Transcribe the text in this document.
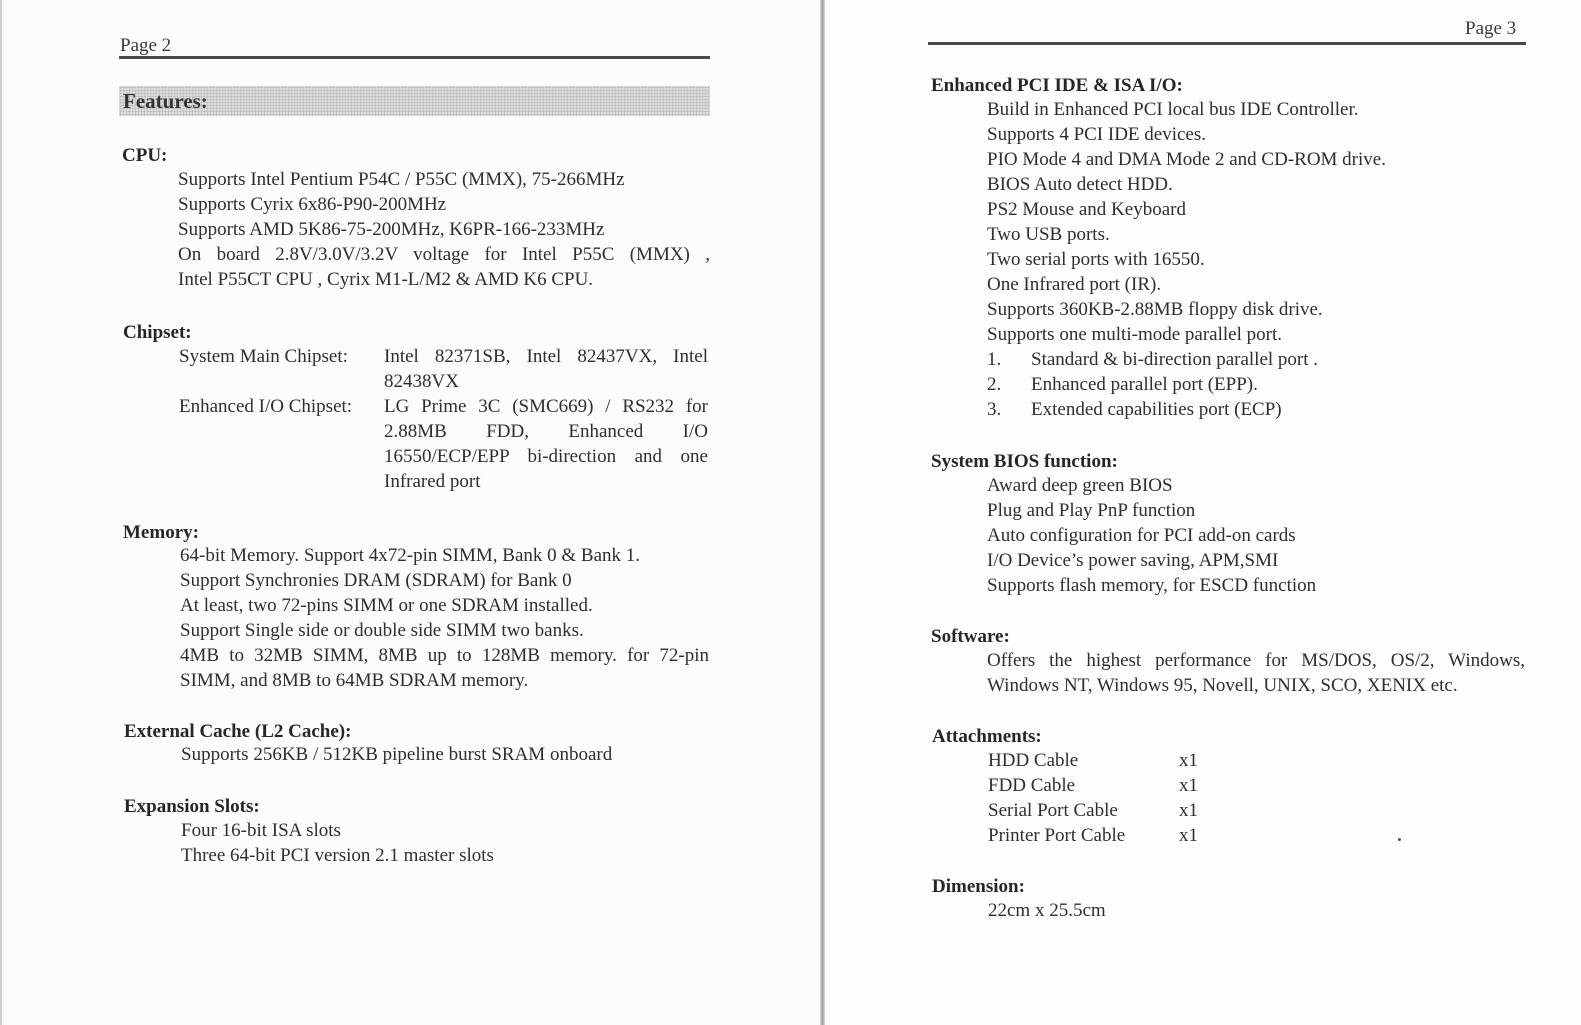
Page 2
Features:
CPU:
Supports Intel Pentium P54C / P55C (MMX), 75-266MHz
Supports Cyrix 6x86-P90-200MHz
Supports AMD 5K86-75-200MHz, K6PR-166-233MHz
On board 2.8V/3.0V/3.2V voltage for Intel P55C (MMX) ,
Intel P55CT CPU , Cyrix M1-L/M2 & AMD K6 CPU.
Chipset:
System Main Chipset: Intel 82371SB, Intel 82437VX, Intel
82438VX
Enhanced I/O Chipset: LG Prime 3C (SMC669) / RS232 for
2.88MB FDD, Enhanced I/O
16550/ECP/EPP bi-direction and one
Infrared port
Memory:
64-bit Memory. Support 4x72-pin SIMM, Bank 0 & Bank 1.
Support Synchronies DRAM (SDRAM) for Bank 0
At least, two 72-pins SIMM or one SDRAM installed.
Support Single side or double side SIMM two banks.
4MB to 32MB SIMM, 8MB up to 128MB memory. for 72-pin
SIMM, and 8MB to 64MB SDRAM memory.
External Cache (L2 Cache):
Supports 256KB / 512KB pipeline burst SRAM onboard
Expansion Slots:
Four 16-bit ISA slots
Three 64-bit PCI version 2.1 master slots
Page 3
Enhanced PCI IDE & ISA I/O:
Build in Enhanced PCI local bus IDE Controller.
Supports 4 PCI IDE devices.
PIO Mode 4 and DMA Mode 2 and CD-ROM drive.
BIOS Auto detect HDD.
PS2 Mouse and Keyboard
Two USB ports.
Two serial ports with 16550.
One Infrared port (IR).
Supports 360KB-2.88MB floppy disk drive.
Supports one multi-mode parallel port.
1. Standard & bi-direction parallel port .
2. Enhanced parallel port (EPP).
3. Extended capabilities port (ECP)
System BIOS function:
Award deep green BIOS
Plug and Play PnP function
Auto configuration for PCI add-on cards
I/O Device’s power saving, APM,SMI
Supports flash memory, for ESCD function
Software:
Offers the highest performance for MS/DOS, OS/2, Windows,
Windows NT, Windows 95, Novell, UNIX, SCO, XENIX etc.
Attachments:
HDD Cable	x1
FDD Cable	x1
Serial Port Cable	x1
Printer Port Cable	x1
Dimension:
22cm x 25.5cm
